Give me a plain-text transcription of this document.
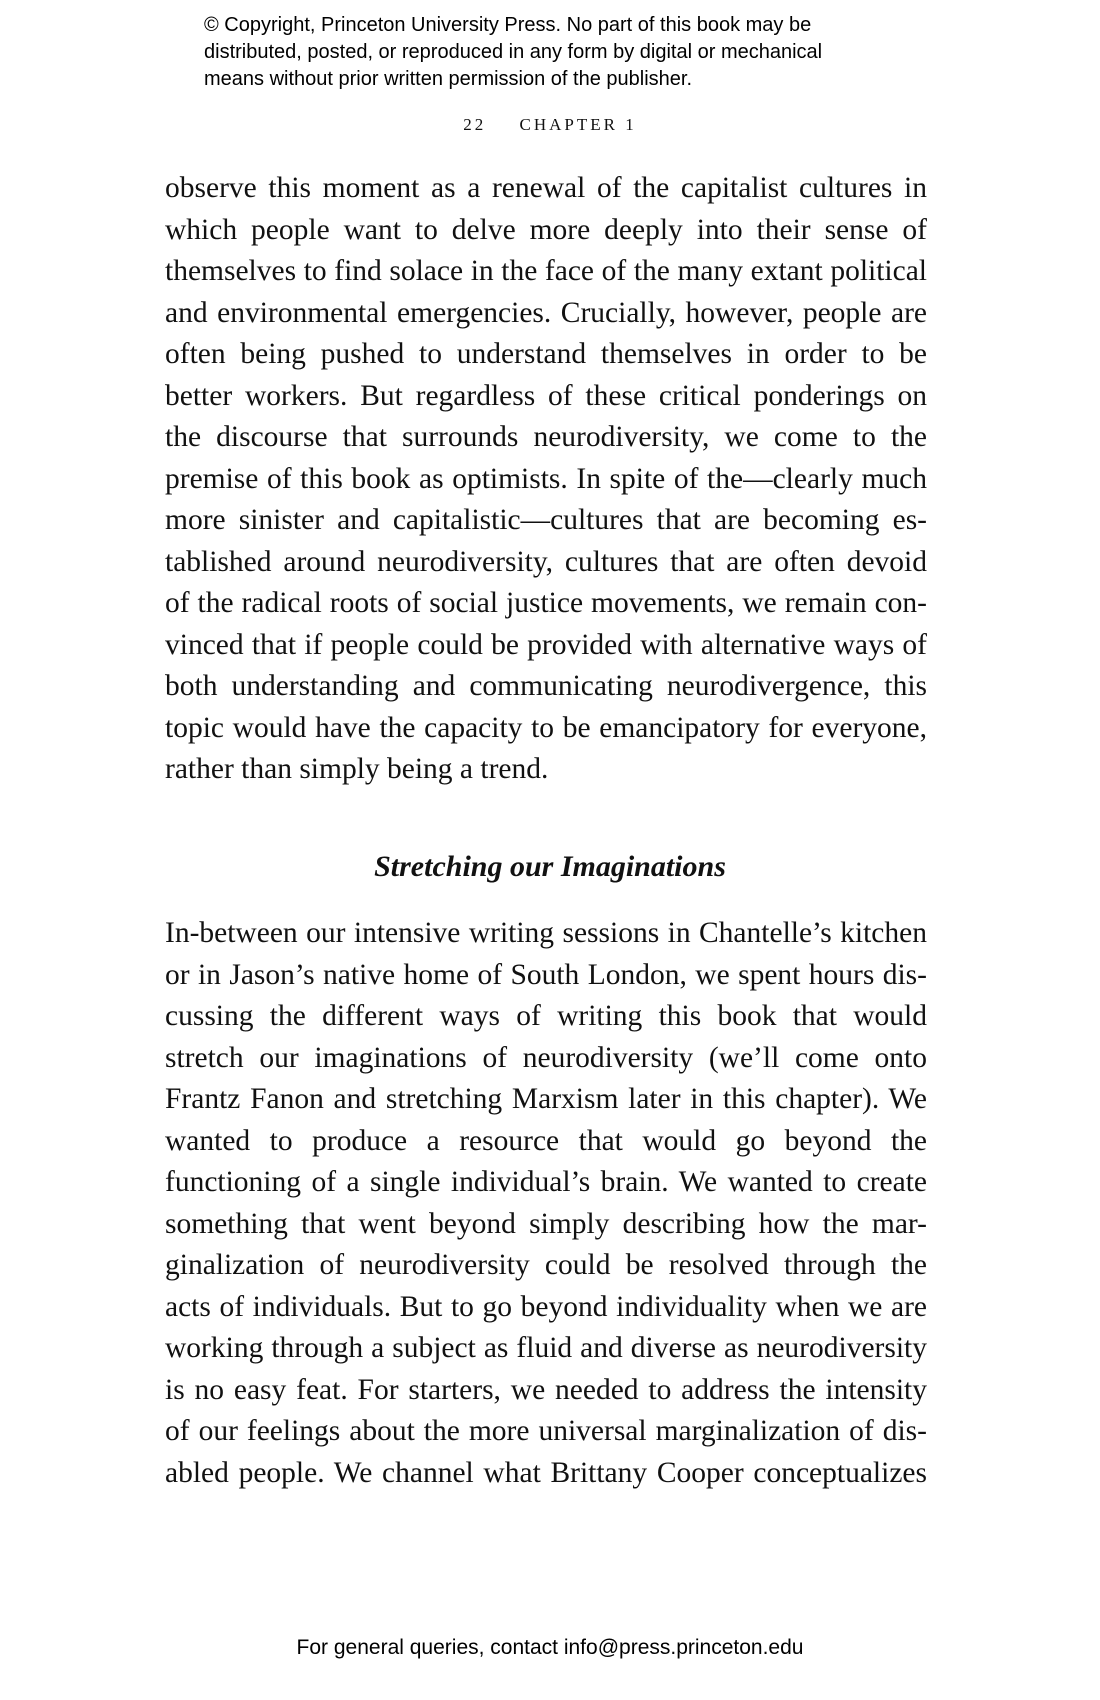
© Copyright, Princeton University Press. No part of this book may be
distributed, posted, or reproduced in any form by digital or mechanical
means without prior written permission of the publisher.
22 CHAPTER 1
observe this moment as a renewal of the capitalist cultures in
which people want to delve more deeply into their sense of
themselves to find solace in the face of the many extant political
and environmental emergencies. Crucially, however, people are
often being pushed to understand themselves in order to be
better workers. But regardless of these critical ponderings on
the discourse that surrounds neurodiversity, we come to the
premise of this book as optimists. In spite of the—clearly much
more sinister and capitalistic—cultures that are becoming es-
tablished around neurodiversity, cultures that are often devoid
of the radical roots of social justice movements, we remain con-
vinced that if people could be provided with alternative ways of
both understanding and communicating neurodivergence, this
topic would have the capacity to be emancipatory for everyone,
rather than simply being a trend.
Stretching our Imaginations
In-between our intensive writing sessions in Chantelle’s kitchen
or in Jason’s native home of South London, we spent hours dis-
cussing the different ways of writing this book that would
stretch our imaginations of neurodiversity (we’ll come onto
Frantz Fanon and stretching Marxism later in this chapter). We
wanted to produce a resource that would go beyond the
functioning of a single individual’s brain. We wanted to create
something that went beyond simply describing how the mar-
ginalization of neurodiversity could be resolved through the
acts of individuals. But to go beyond individuality when we are
working through a subject as fluid and diverse as neurodiversity
is no easy feat. For starters, we needed to address the intensity
of our feelings about the more universal marginalization of dis-
abled people. We channel what Brittany Cooper conceptualizes
For general queries, contact info@press.princeton.edu
